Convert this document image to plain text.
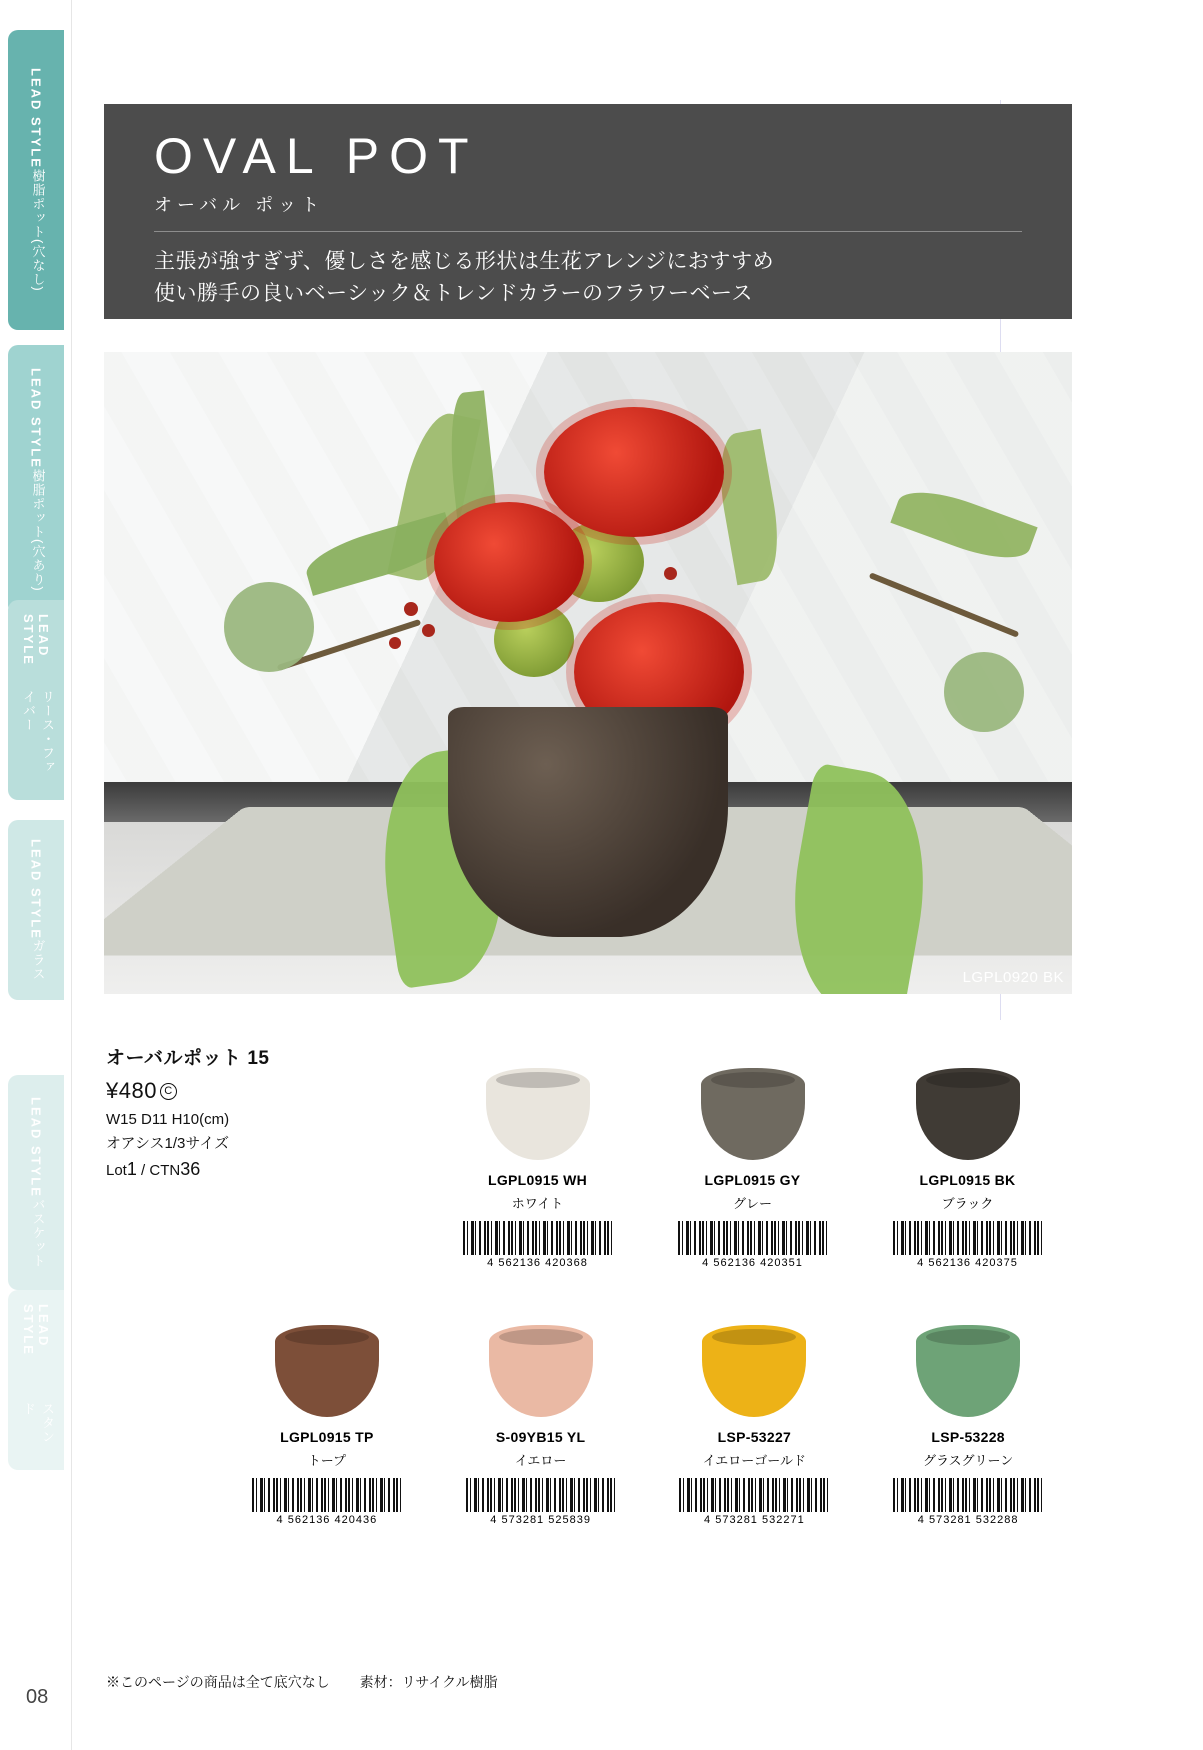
LEAD STYLE
樹脂ポット(穴なし)
LEAD STYLE
樹脂ポット(穴あり)
LEAD STYLE
リース・ファイバー
LEAD STYLE
ガラス
LEAD STYLE
バスケット
LEAD STYLE
スタンド
OVAL POT
オーバル ポット
主張が強すぎず、優しさを感じる形状は生花アレンジにおすすめ
使い勝手の良いベーシック＆トレンドカラーのフラワーベース
LGPL0920 BK
オーバルポット 15
¥480 C
W15 D11 H10(cm)
オアシス1/3サイズ
Lot1 / CTN36
LGPL0915 WH
ホワイト
4 562136 420368
LGPL0915 GY
グレー
4 562136 420351
LGPL0915 BK
ブラック
4 562136 420375
LGPL0915 TP
トープ
4 562136 420436
S-09YB15 YL
イエロー
4 573281 525839
LSP-53227
イエローゴールド
4 573281 532271
LSP-53228
グラスグリーン
4 573281 532288
※このページの商品は全て底穴なし 素材：リサイクル樹脂
08
